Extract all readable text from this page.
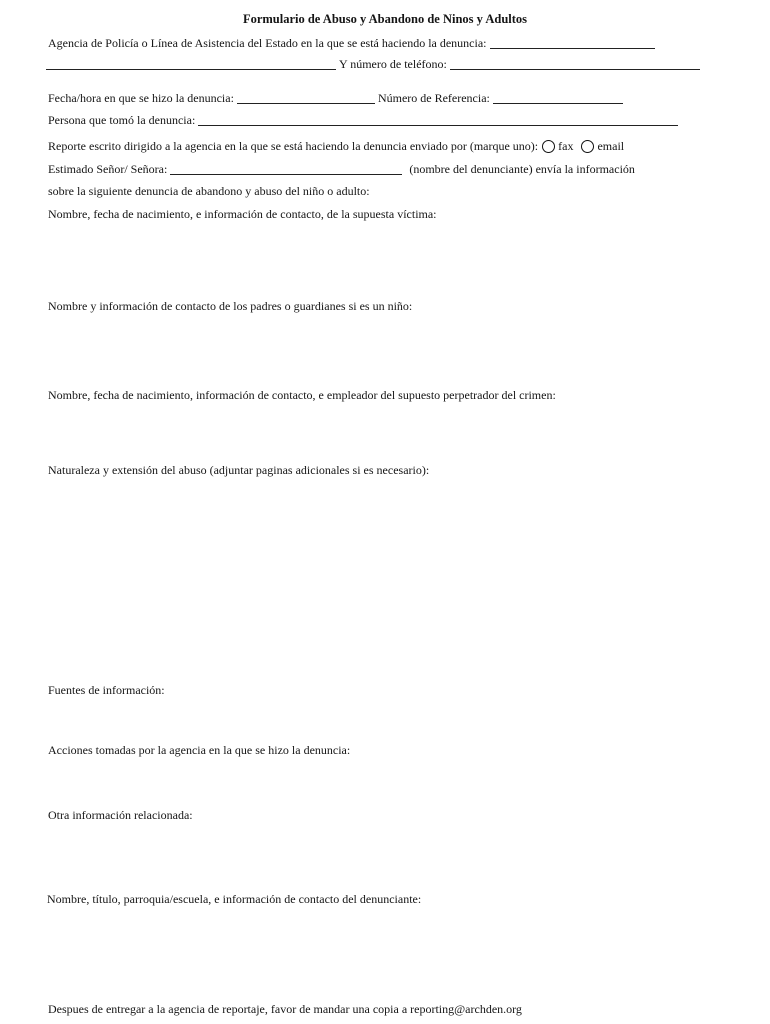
Formulario de Abuso y Abandono de Ninos y Adultos
Agencia de Policía o Línea de Asistencia del Estado en la que se está haciendo la denuncia:
Y número de teléfono:
Fecha/hora en que se hizo la denuncia:	Número de Referencia:
Persona que tomó la denuncia:
Reporte escrito dirigido a la agencia en la que se está haciendo la denuncia enviado por (marque uno): fax email
Estimado Señor/ Señora:	(nombre del denunciante) envía la información
sobre la siguiente denuncia de abandono y abuso del niño o adulto:
Nombre, fecha de nacimiento, e información de contacto, de la supuesta víctima:
Nombre y información de contacto de los padres o guardianes si es un niño:
Nombre, fecha de nacimiento, información de contacto, e empleador del supuesto perpetrador del crimen:
Naturaleza y extensión del abuso (adjuntar paginas adicionales si es necesario):
Fuentes de información:
Acciones tomadas por la agencia en la que se hizo la denuncia:
Otra información relacionada:
Nombre, título, parroquia/escuela, e información de contacto del denunciante:
Despues de entregar a la agencia de reportaje, favor de mandar una copia a reporting@archden.org
